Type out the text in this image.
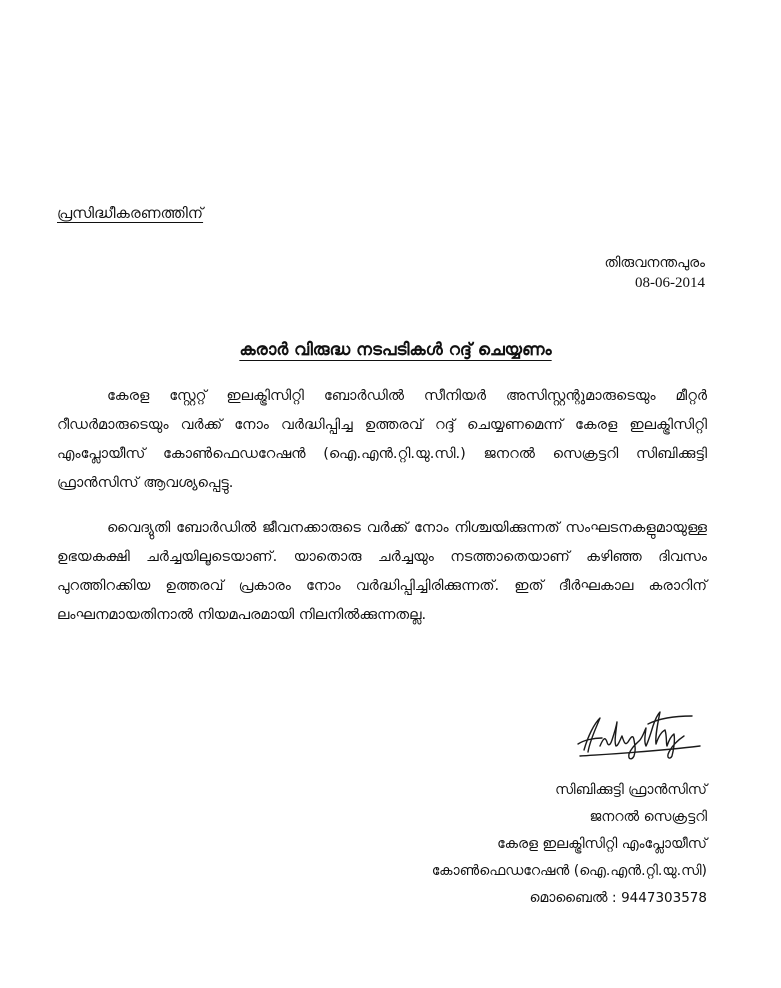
പ്രസിദ്ധീകരണത്തിന്
തിരുവനന്തപുരം
08-06-2014
കരാർ വിരുദ്ധ നടപടികൾ റദ്ദ് ചെയ്യണം

കേരള സ്റ്റേറ്റ് ഇലക്ട്രിസിറ്റി ബോർഡിൽ സീനിയർ അസിസ്റ്റന്റുമാരുടെയും മീറ്റർ റീഡർമാരുടെയും വർക്ക് നോം വർദ്ധിപ്പിച്ച ഉത്തരവ് റദ്ദ് ചെയ്യണമെന്ന് കേരള ഇലക്ട്രിസിറ്റി എംപ്ലോയീസ് കോൺഫെഡറേഷൻ (ഐ.എൻ.റ്റി.യു.സി.) ജനറൽ സെക്രട്ടറി സിബിക്കുട്ടി ഫ്രാൻസിസ് ആവശ്യപ്പെട്ടു.

വൈദ്യുതി ബോർഡിൽ ജീവനക്കാരുടെ വർക്ക് നോം നിശ്ചയിക്കുന്നത് സംഘടനകളുമായുള്ള ഉഭയകക്ഷി ചർച്ചയിലൂടെയാണ്. യാതൊരു ചർച്ചയും നടത്താതെയാണ് കഴിഞ്ഞ ദിവസം പുറത്തിറക്കിയ ഉത്തരവ് പ്രകാരം നോം വർദ്ധിപ്പിച്ചിരിക്കുന്നത്. ഇത് ദീർഘകാല കരാറിന് ലംഘനമായതിനാൽ നിയമപരമായി നിലനിൽക്കുന്നതല്ല.

സിബിക്കുട്ടി ഫ്രാൻസിസ്
ജനറൽ സെക്രട്ടറി
കേരള ഇലക്ട്രിസിറ്റി എംപ്ലോയീസ്
കോൺഫെഡറേഷൻ (ഐ.എൻ.റ്റി.യു.സി)
മൊബൈൽ : 9447303578
